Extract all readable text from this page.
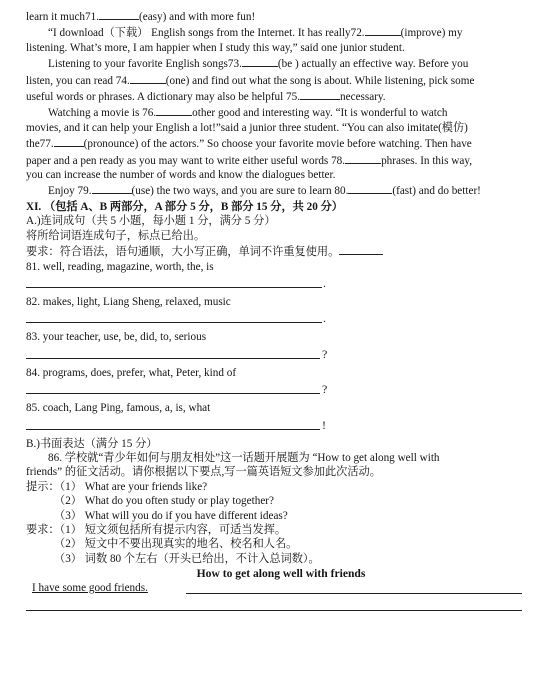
learn it much71.	(easy) and with more fun!
“I download（下载） English songs from the Internet. It has really72.	(improve) my
listening. What’s more, I am happier when I study this way,” said one junior student.
Listening to your favorite English songs73.	(be ) actually an effective way. Before you
listen, you can read 74.	(one) and find out what the song is about. While listening, pick some
useful words or phrases. A dictionary may also be helpful 75.	necessary.
Watching a movie is 76.	other good and interesting way. “It is wonderful to watch
movies, and it can help your English a lot!”said a junior three student. “You can also imitate(模仿)
the77.	(pronounce) of the actors.” So choose your favorite movie before watching. Then have
paper and a pen ready as you may want to write either useful words 78.	phrases. In this way,
you can increase the number of words and know the dialogues better.
Enjoy 79.	(use) the two ways, and you are sure to learn 80.	(fast) and do better!
XI. （包括 A、B 两部分，A 部分 5 分，B 部分 15 分，共 20 分）
A.)连词成句（共 5 小题，每小题 1 分，满分 5 分）
将所给词语连成句子，标点已给出。
要求：符合语法，语句通顺，大小写正确，单词不许重复使用。
81. well, reading, magazine, worth, the, is
.
82. makes, light, Liang Sheng, relaxed, music
.
83. your teacher, use, be, did, to, serious
?
84. programs, does, prefer, what, Peter, kind of
?
85. coach, Lang Ping, famous, a, is, what
!
B.)书面表达（满分 15 分）
86. 学校就“青少年如何与朋友相处”这一话题开展题为 “How to get along well with
friends” 的征文活动。请你根据以下要点,写一篇英语短文参加此次活动。
提示：（1） What are your friends like?
（2） What do you often study or play together?
（3） What will you do if you have different ideas?
要求：（1） 短文须包括所有提示内容，可适当发挥。
（2） 短文中不要出现真实的地名、校名和人名。
（3） 词数 80 个左右（开头已给出，不计入总词数）。
How to get along well with friends
I have some good friends.
